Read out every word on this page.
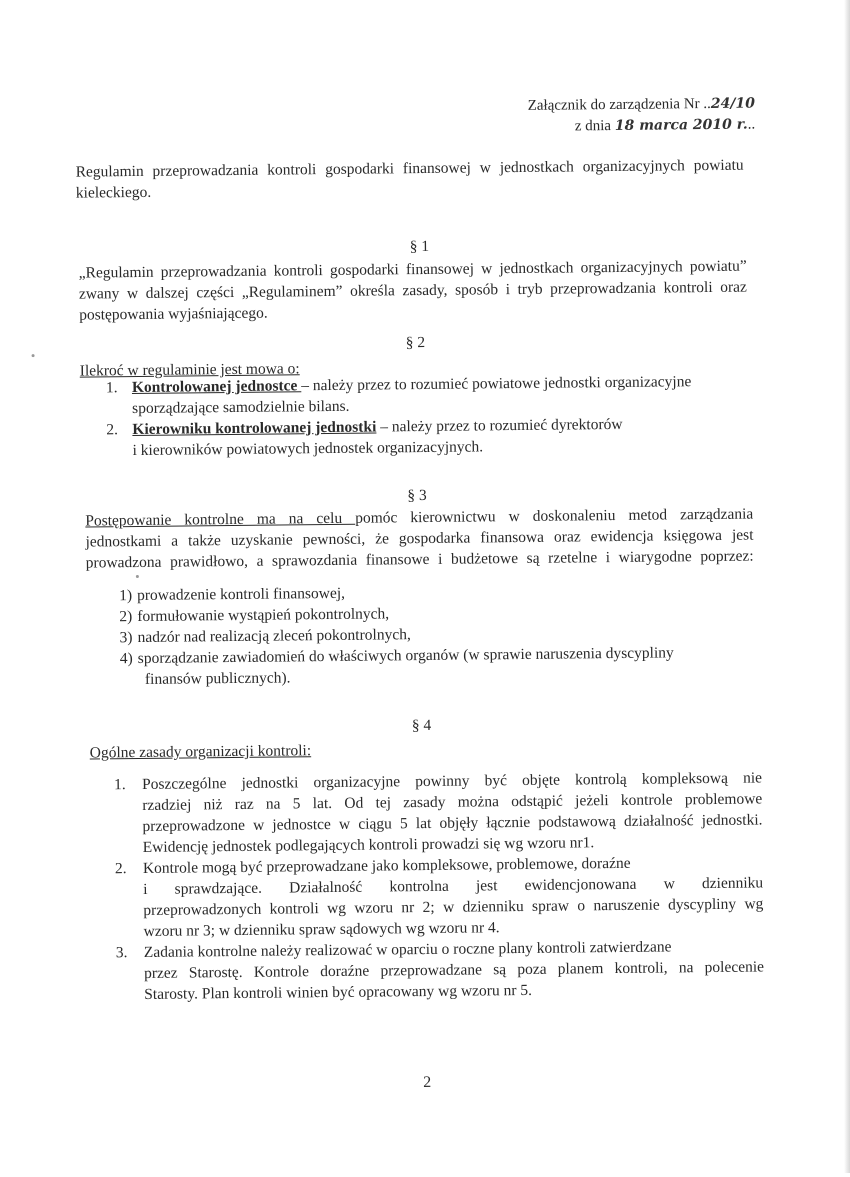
Załącznik do zarządzenia Nr ..24/10
z dnia 18 marca 2010 r...
Regulamin przeprowadzania kontroli gospodarki finansowej w jednostkach organizacyjnych powiatu kieleckiego.
§ 1
„Regulamin przeprowadzania kontroli gospodarki finansowej w jednostkach organizacyjnych powiatu” zwany w dalszej części „Regulaminem” określa zasady, sposób i tryb przeprowadzania kontroli oraz postępowania wyjaśniającego.
§ 2
Ilekroć w regulaminie jest mowa o:
1. Kontrolowanej jednostce – należy przez to rozumieć powiatowe jednostki organizacyjne
sporządzające samodzielnie bilans.
2. Kierowniku kontrolowanej jednostki – należy przez to rozumieć dyrektorów
i kierowników powiatowych jednostek organizacyjnych.
§ 3
Postępowanie kontrolne ma na celu pomóc kierownictwu w doskonaleniu metod zarządzania
jednostkami a także uzyskanie pewności, że gospodarka finansowa oraz ewidencja księgowa jest
prowadzona prawidłowo, a sprawozdania finansowe i budżetowe są rzetelne i wiarygodne poprzez:
1) prowadzenie kontroli finansowej,
2) formułowanie wystąpień pokontrolnych,
3) nadzór nad realizacją zleceń pokontrolnych,
4) sporządzanie zawiadomień do właściwych organów (w sprawie naruszenia dyscypliny
finansów publicznych).
§ 4
Ogólne zasady organizacji kontroli:
1. Poszczególne jednostki organizacyjne powinny być objęte kontrolą kompleksową nie
rzadziej niż raz na 5 lat. Od tej zasady można odstąpić jeżeli kontrole problemowe
przeprowadzone w jednostce w ciągu 5 lat objęły łącznie podstawową działalność jednostki.
Ewidencję jednostek podlegających kontroli prowadzi się wg wzoru nr1.
2. Kontrole mogą być przeprowadzane jako kompleksowe, problemowe, doraźne
i sprawdzające. Działalność kontrolna jest ewidencjonowana w dzienniku
przeprowadzonych kontroli wg wzoru nr 2; w dzienniku spraw o naruszenie dyscypliny wg
wzoru nr 3; w dzienniku spraw sądowych wg wzoru nr 4.
3. Zadania kontrolne należy realizować w oparciu o roczne plany kontroli zatwierdzane
przez Starostę. Kontrole doraźne przeprowadzane są poza planem kontroli, na polecenie
Starosty. Plan kontroli winien być opracowany wg wzoru nr 5.
2
